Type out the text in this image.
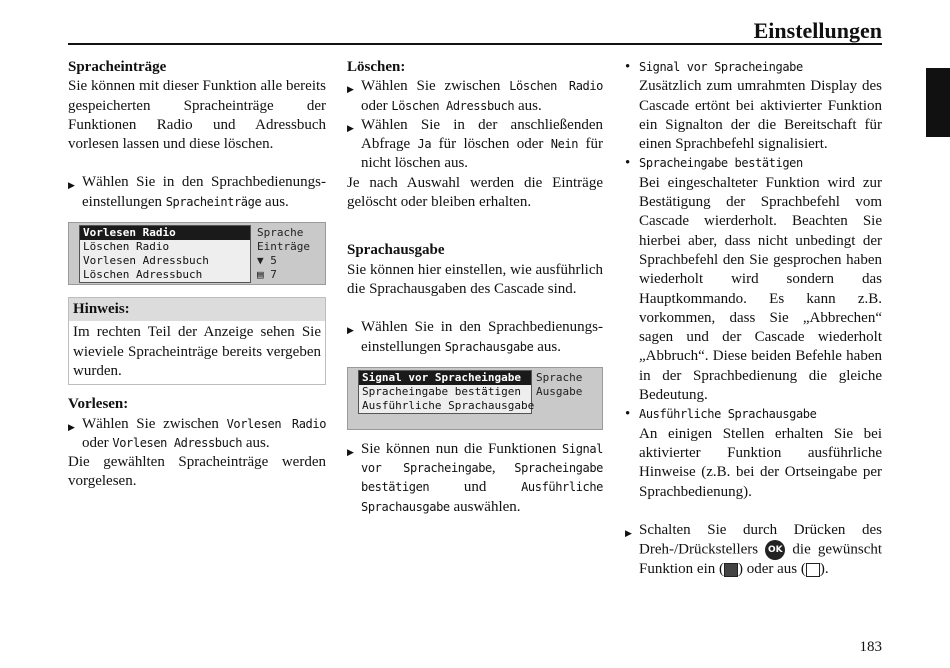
Einstellungen
Spracheinträge
Sie können mit dieser Funktion alle bereits gespeicherten Spracheinträge der Funktionen Radio und Adressbuch vorlesen lassen und diese löschen.
▶ Wählen Sie in den Sprachbedienungs-einstellungen Spracheinträge aus.
Vorlesen Radio
Löschen Radio
Vorlesen Adressbuch
Löschen Adressbuch
Sprache
Einträge
▼ 5
▤ 7
Hinweis:
Im rechten Teil der Anzeige sehen Sie wieviele Spracheinträge bereits vergeben wurden.
Vorlesen:
▶ Wählen Sie zwischen Vorlesen Radio oder Vorlesen Adressbuch aus.
Die gewählten Spracheinträge werden vorgelesen.
Löschen:
▶ Wählen Sie zwischen Löschen Radio oder Löschen Adressbuch aus.
▶ Wählen Sie in der anschließenden Abfrage Ja für löschen oder Nein für nicht löschen aus.
Je nach Auswahl werden die Einträge gelöscht oder bleiben erhalten.
Sprachausgabe
Sie können hier einstellen, wie ausführlich die Sprachausgaben des Cascade sind.
▶ Wählen Sie in den Sprachbedienungs-einstellungen Sprachausgabe aus.
Signal vor Spracheingabe
Spracheingabe bestätigen
Ausführliche Sprachausgabe
Sprache
Ausgabe
▶ Sie können nun die Funktionen Signal vor Spracheingabe, Spracheingabe bestätigen und	Ausführliche Sprachausgabe auswählen.
• Signal vor Spracheingabe
Zusätzlich zum umrahmten Display des Cascade ertönt bei aktivierter Funktion ein Signalton der die Bereitschaft für einen Sprachbefehl signalisiert.
• Spracheingabe bestätigen
Bei eingeschalteter Funktion wird zur Bestätigung der Sprachbefehl vom Cascade wierderholt. Beachten Sie hierbei aber, dass nicht unbedingt der Sprachbefehl den Sie gesprochen haben wiederholt wird sondern das Hauptkommando. Es kann z.B. vorkommen, dass Sie „Abbrechen“ sagen und der Cascade wiederholt „Abbruch“. Diese beiden Befehle haben in der Sprachbedienung die gleiche Bedeutung.
• Ausführliche Sprachausgabe
An einigen Stellen erhalten Sie bei aktivierter Funktion ausführliche Hinweise (z.B. bei der Ortseingabe per Sprachbedienung).
▶ Schalten Sie durch Drücken des Dreh-/Drückstellers OK die gewünscht Funktion ein ( ) oder aus ( ).
183
